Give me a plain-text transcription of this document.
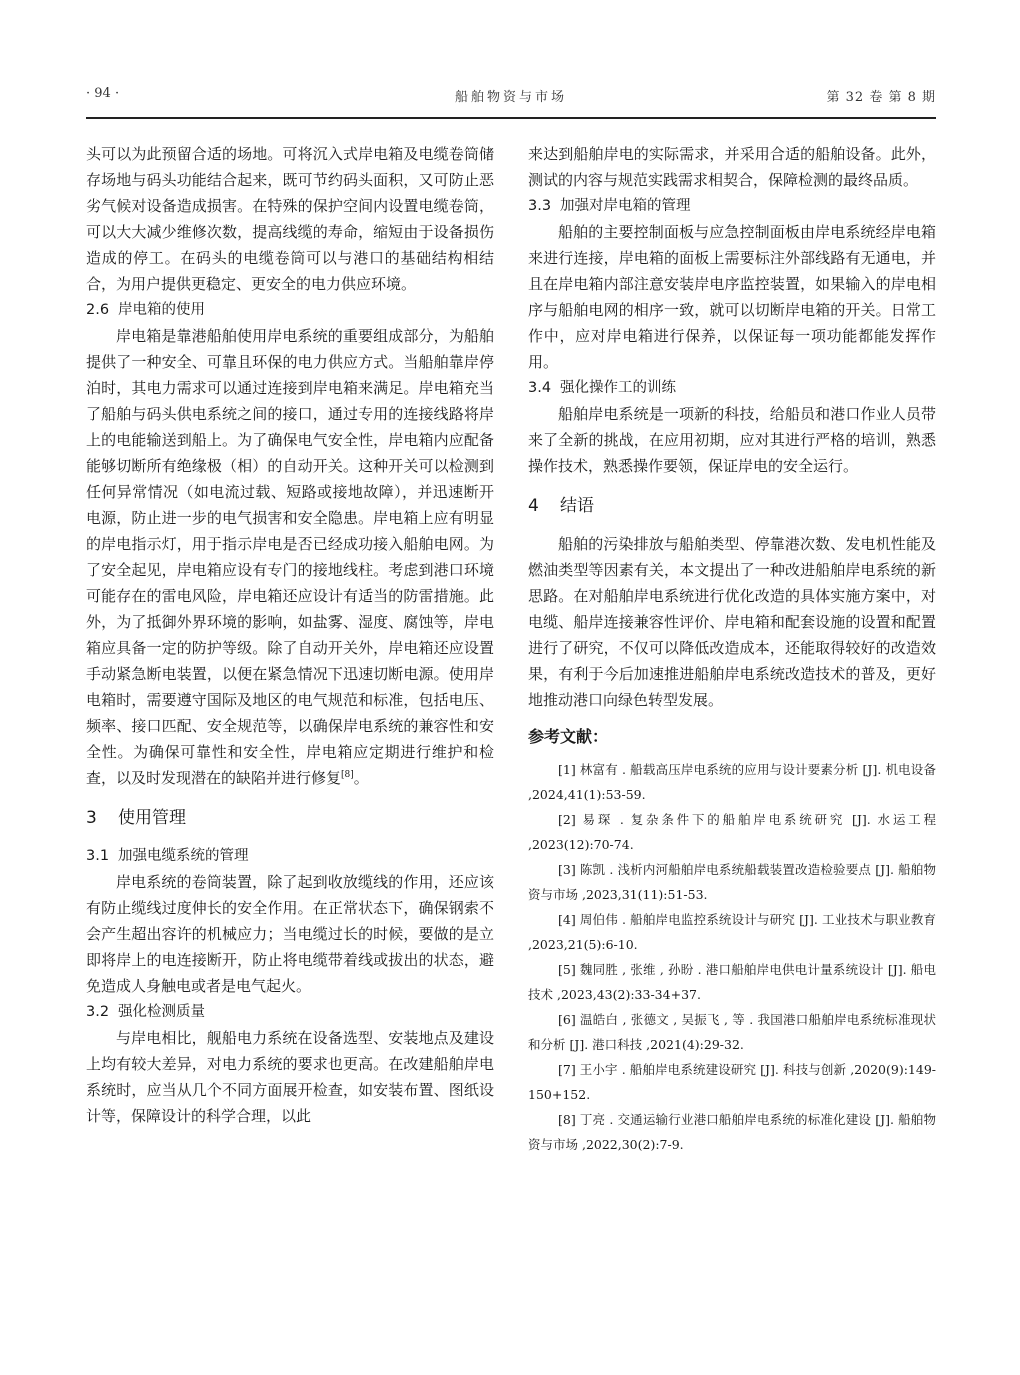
· 94 ·	船舶物资与市场	第 32 卷 第 8 期

头可以为此预留合适的场地。可将沉入式岸电箱及电缆卷筒储存场地与码头功能结合起来，既可节约码头面积，又可防止恶劣气候对设备造成损害。在特殊的保护空间内设置电缆卷筒，可以大大减少维修次数，提高线缆的寿命，缩短由于设备损伤造成的停工。在码头的电缆卷筒可以与港口的基础结构相结合，为用户提供更稳定、更安全的电力供应环境。

2.6 岸电箱的使用

岸电箱是靠港船舶使用岸电系统的重要组成部分，为船舶提供了一种安全、可靠且环保的电力供应方式。当船舶靠岸停泊时，其电力需求可以通过连接到岸电箱来满足。岸电箱充当了船舶与码头供电系统之间的接口，通过专用的连接线路将岸上的电能输送到船上。为了确保电气安全性，岸电箱内应配备能够切断所有绝缘极（相）的自动开关。这种开关可以检测到任何异常情况（如电流过载、短路或接地故障），并迅速断开电源，防止进一步的电气损害和安全隐患。岸电箱上应有明显的岸电指示灯，用于指示岸电是否已经成功接入船舶电网。为了安全起见，岸电箱应设有专门的接地线柱。考虑到港口环境可能存在的雷电风险，岸电箱还应设计有适当的防雷措施。此外，为了抵御外界环境的影响，如盐雾、湿度、腐蚀等，岸电箱应具备一定的防护等级。除了自动开关外，岸电箱还应设置手动紧急断电装置，以便在紧急情况下迅速切断电源。使用岸电箱时，需要遵守国际及地区的电气规范和标准，包括电压、频率、接口匹配、安全规范等，以确保岸电系统的兼容性和安全性。为确保可靠性和安全性，岸电箱应定期进行维护和检查，以及时发现潜在的缺陷并进行修复[8]。

3 使用管理
3.1 加强电缆系统的管理

岸电系统的卷筒装置，除了起到收放缆线的作用，还应该有防止缆线过度伸长的安全作用。在正常状态下，确保钢索不会产生超出容许的机械应力；当电缆过长的时候，要做的是立即将岸上的电连接断开，防止将电缆带着线或拔出的状态，避免造成人身触电或者是电气起火。

3.2 强化检测质量

与岸电相比，舰船电力系统在设备选型、安装地点及建设上均有较大差异，对电力系统的要求也更高。在改建船舶岸电系统时，应当从几个不同方面展开检查，如安装布置、图纸设计等，保障设计的科学合理，以此

来达到船舶岸电的实际需求，并采用合适的船舶设备。此外，测试的内容与规范实践需求相契合，保障检测的最终品质。

3.3 加强对岸电箱的管理

船舶的主要控制面板与应急控制面板由岸电系统经岸电箱来进行连接，岸电箱的面板上需要标注外部线路有无通电，并且在岸电箱内部注意安装岸电序监控装置，如果输入的岸电相序与船舶电网的相序一致，就可以切断岸电箱的开关。日常工作中，应对岸电箱进行保养，以保证每一项功能都能发挥作用。

3.4 强化操作工的训练

船舶岸电系统是一项新的科技，给船员和港口作业人员带来了全新的挑战，在应用初期，应对其进行严格的培训，熟悉操作技术，熟悉操作要领，保证岸电的安全运行。

4 结语

船舶的污染排放与船舶类型、停靠港次数、发电机性能及燃油类型等因素有关，本文提出了一种改进船舶岸电系统的新思路。在对船舶岸电系统进行优化改造的具体实施方案中，对电缆、船岸连接兼容性评价、岸电箱和配套设施的设置和配置进行了研究，不仅可以降低改造成本，还能取得较好的改造效果，有利于今后加速推进船舶岸电系统改造技术的普及，更好地推动港口向绿色转型发展。

参考文献：

[1] 林富有 . 船载高压岸电系统的应用与设计要素分析 [J]. 机电设备 ,2024,41(1):53-59.

[2] 易琛 . 复杂条件下的船舶岸电系统研究 [J]. 水运工程 ,2023(12):70-74.

[3] 陈凯 . 浅析内河船舶岸电系统船载装置改造检验要点 [J]. 船舶物资与市场 ,2023,31(11):51-53.

[4] 周伯伟 . 船舶岸电监控系统设计与研究 [J]. 工业技术与职业教育 ,2023,21(5):6-10.

[5] 魏同胜 , 张维 , 孙盼 . 港口船舶岸电供电计量系统设计 [J]. 船电技术 ,2023,43(2):33-34+37.

[6] 温皓白 , 张德文 , 吴振飞 , 等 . 我国港口船舶岸电系统标准现状和分析 [J]. 港口科技 ,2021(4):29-32.

[7] 王小宇 . 船舶岸电系统建设研究 [J]. 科技与创新 ,2020(9):149-150+152.

[8] 丁亮 . 交通运输行业港口船舶岸电系统的标准化建设 [J]. 船舶物资与市场 ,2022,30(2):7-9.
